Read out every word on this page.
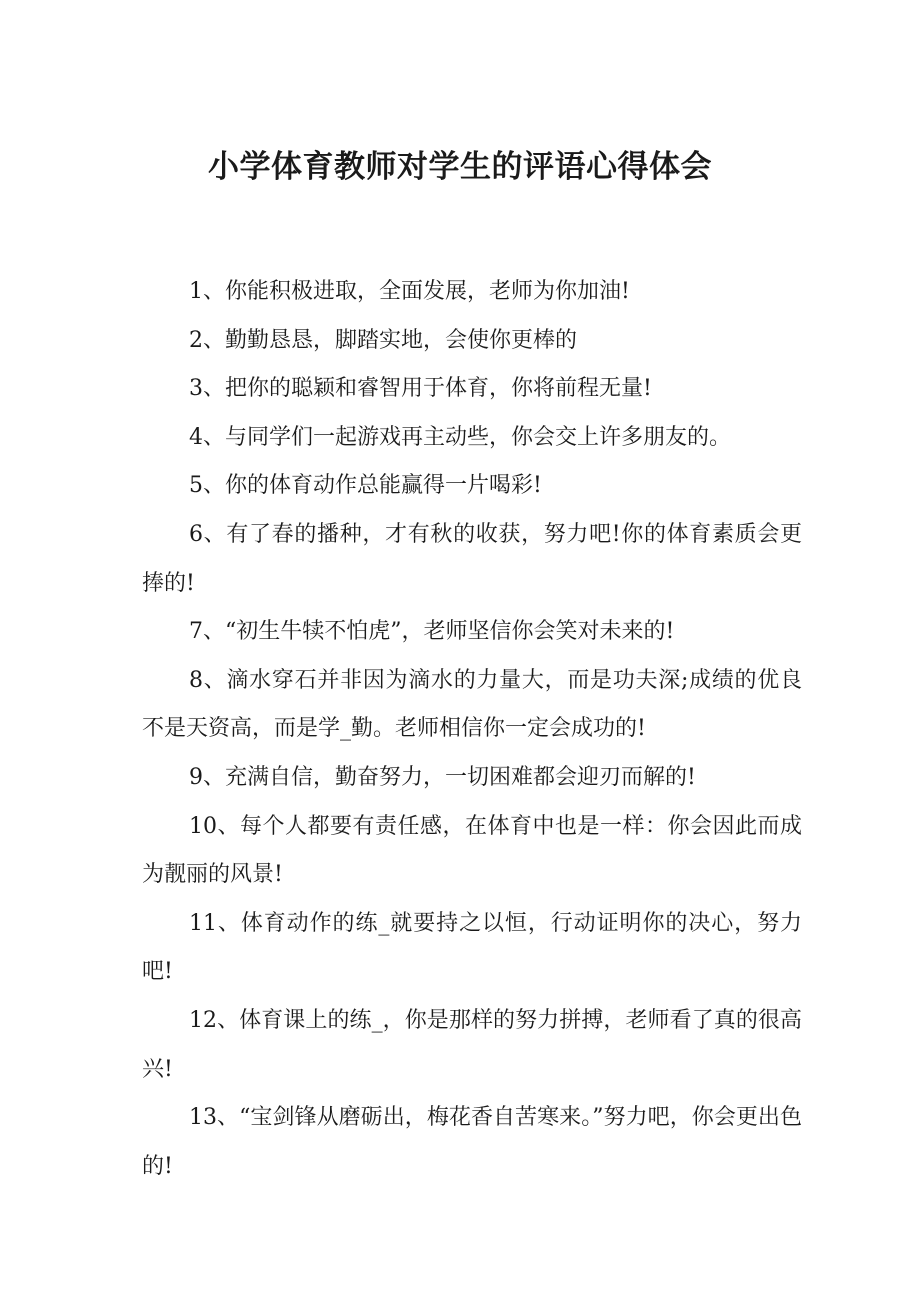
小学体育教师对学生的评语心得体会

1、你能积极进取，全面发展，老师为你加油!

2、勤勤恳恳，脚踏实地，会使你更棒的

3、把你的聪颖和睿智用于体育，你将前程无量!

4、与同学们一起游戏再主动些，你会交上许多朋友的。

5、你的体育动作总能赢得一片喝彩!

6、有了春的播种，才有秋的收获，努力吧!你的体育素质会更捧的!

7、“初生牛犊不怕虎”，老师坚信你会笑对未来的!

8、滴水穿石并非因为滴水的力量大，而是功夫深;成绩的优良不是天资高，而是学_勤。老师相信你一定会成功的!

9、充满自信，勤奋努力，一切困难都会迎刃而解的!

10、每个人都要有责任感，在体育中也是一样：你会因此而成为靓丽的风景!

11、体育动作的练_就要持之以恒，行动证明你的决心，努力吧!

12、体育课上的练_，你是那样的努力拼搏，老师看了真的很高兴!

13、“宝剑锋从磨砺出，梅花香自苦寒来。”努力吧，你会更出色的!
